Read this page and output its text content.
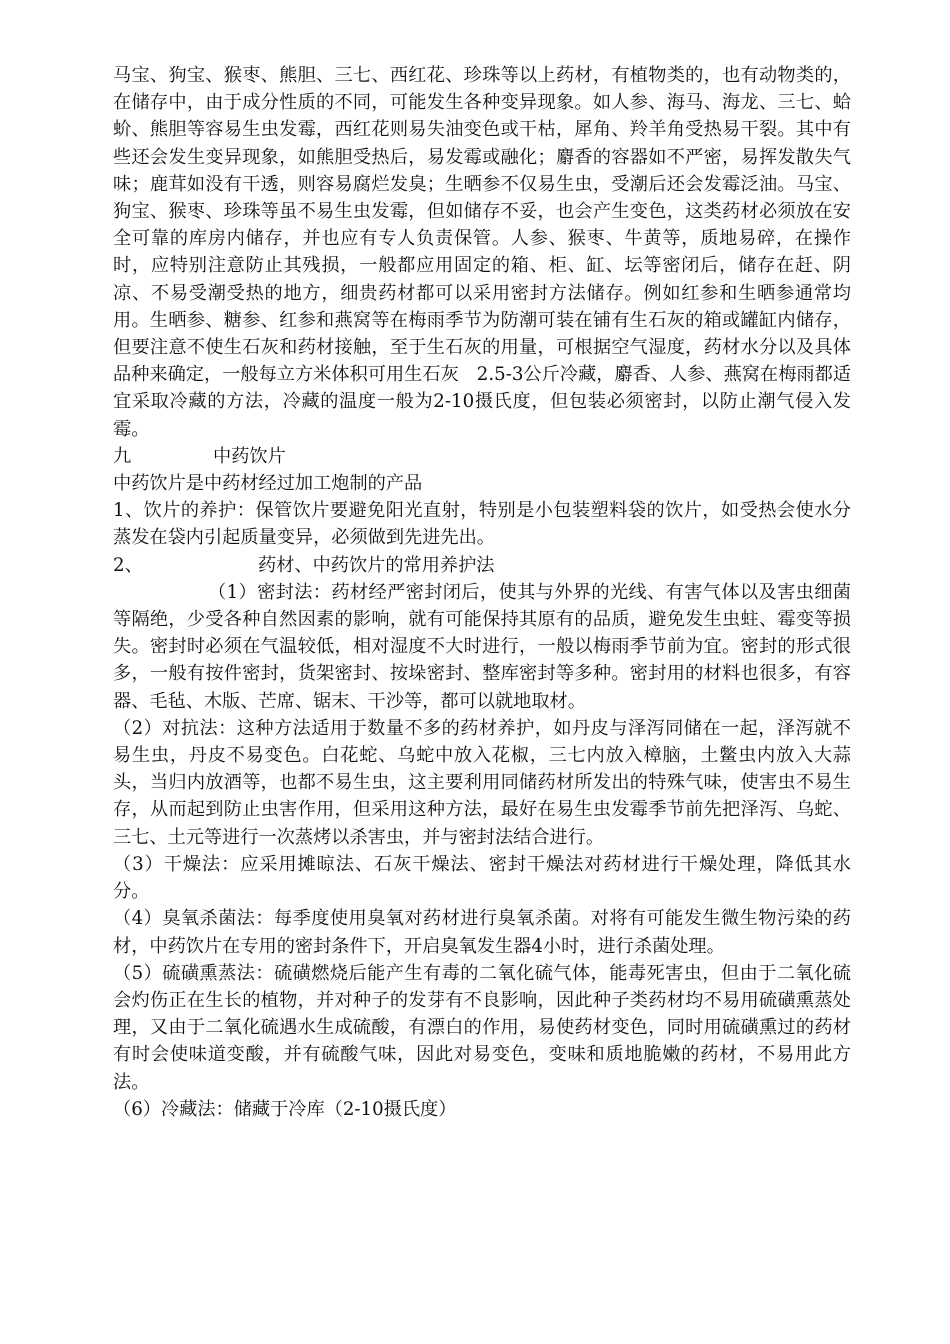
马宝、狗宝、猴枣、熊胆、三七、西红花、珍珠等以上药材，有植物类的，也有动物类的，在储存中，由于成分性质的不同，可能发生各种变异现象。如人参、海马、海龙、三七、蛤蚧、熊胆等容易生虫发霉，西红花则易失油变色或干枯，犀角、羚羊角受热易干裂。其中有些还会发生变异现象，如熊胆受热后，易发霉或融化；麝香的容器如不严密，易挥发散失气味；鹿茸如没有干透，则容易腐烂发臭；生晒参不仅易生虫，受潮后还会发霉泛油。马宝、狗宝、猴枣、珍珠等虽不易生虫发霉，但如储存不妥，也会产生变色，这类药材必须放在安全可靠的库房内储存，并也应有专人负责保管。人参、猴枣、牛黄等，质地易碎，在操作时，应特别注意防止其残损，一般都应用固定的箱、柜、缸、坛等密闭后，储存在赶、阴凉、不易受潮受热的地方，细贵药材都可以采用密封方法储存。例如红参和生晒参通常均用。生晒参、糖参、红参和燕窝等在梅雨季节为防潮可装在铺有生石灰的箱或罐缸内储存，但要注意不使生石灰和药材接触，至于生石灰的用量，可根据空气湿度，药材水分以及具体品种来确定，一般每立方米体积可用生石灰 2.5-3公斤冷藏，麝香、人参、燕窝在梅雨都适宜采取冷藏的方法，冷藏的温度一般为2-10摄氏度，但包装必须密封，以防止潮气侵入发霉。

九	中药饮片

中药饮片是中药材经过加工炮制的产品

1、饮片的养护：保管饮片要避免阳光直射，特别是小包装塑料袋的饮片，如受热会使水分蒸发在袋内引起质量变异，必须做到先进先出。

2、	药材、中药饮片的常用养护法

（1）密封法：药材经严密封闭后，使其与外界的光线、有害气体以及害虫细菌等隔绝，少受各种自然因素的影响，就有可能保持其原有的品质，避免发生虫蛀、霉变等损失。密封时必须在气温较低，相对湿度不大时进行，一般以梅雨季节前为宜。密封的形式很多，一般有按件密封，货架密封、按垛密封、整库密封等多种。密封用的材料也很多，有容器、毛毡、木版、芒席、锯末、干沙等，都可以就地取材。

（2）对抗法：这种方法适用于数量不多的药材养护，如丹皮与泽泻同储在一起，泽泻就不易生虫，丹皮不易变色。白花蛇、乌蛇中放入花椒，三七内放入樟脑，土鳖虫内放入大蒜头，当归内放酒等，也都不易生虫，这主要利用同储药材所发出的特殊气味，使害虫不易生存，从而起到防止虫害作用，但采用这种方法，最好在易生虫发霉季节前先把泽泻、乌蛇、三七、土元等进行一次蒸烤以杀害虫，并与密封法结合进行。

（3）干燥法：应采用摊晾法、石灰干燥法、密封干燥法对药材进行干燥处理，降低其水分。

（4）臭氧杀菌法：每季度使用臭氧对药材进行臭氧杀菌。对将有可能发生微生物污染的药材，中药饮片在专用的密封条件下，开启臭氧发生器4小时，进行杀菌处理。

（5）硫磺熏蒸法：硫磺燃烧后能产生有毒的二氧化硫气体，能毒死害虫，但由于二氧化硫会灼伤正在生长的植物，并对种子的发芽有不良影响，因此种子类药材均不易用硫磺熏蒸处理，又由于二氧化硫遇水生成硫酸，有漂白的作用，易使药材变色，同时用硫磺熏过的药材有时会使味道变酸，并有硫酸气味，因此对易变色，变味和质地脆嫩的药材，不易用此方法。

（6）冷藏法：储藏于冷库（2-10摄氏度）
